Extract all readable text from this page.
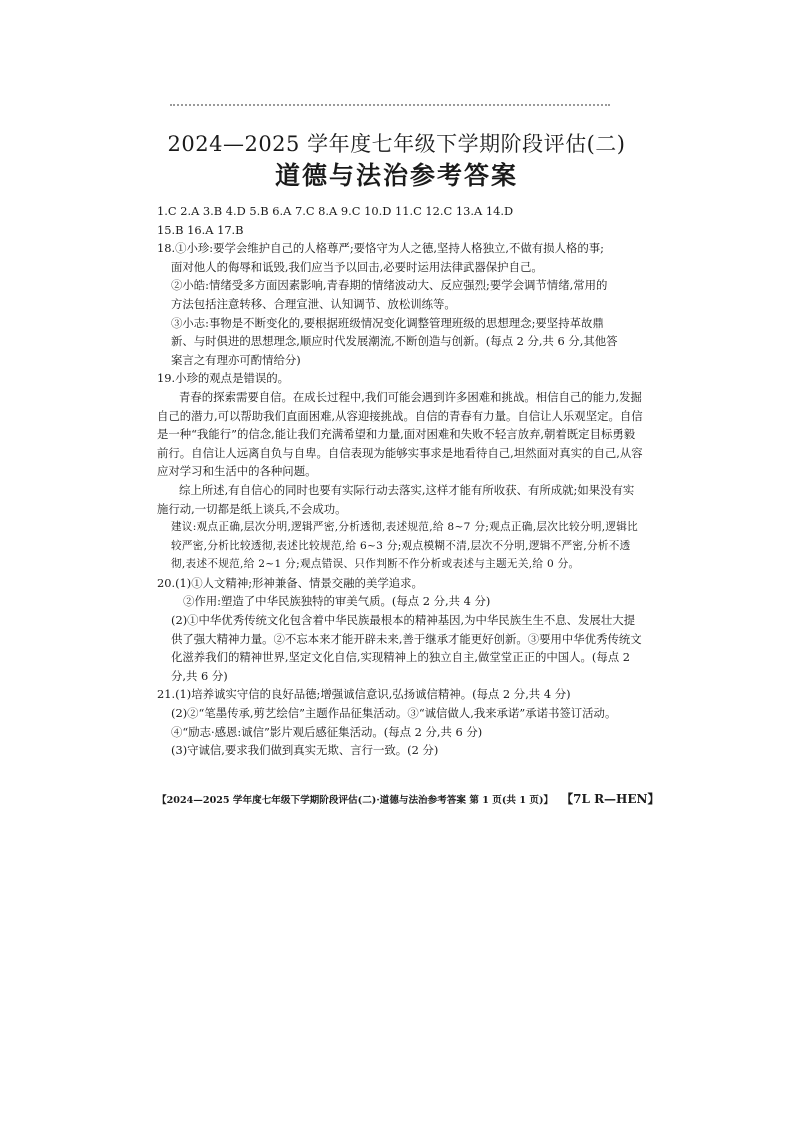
2024—2025 学年度七年级下学期阶段评估(二)
道德与法治参考答案
1.C 2.A 3.B 4.D 5.B 6.A 7.C 8.A 9.C 10.D 11.C 12.C 13.A 14.D
15.B 16.A 17.B
18.①小珍:要学会维护自己的人格尊严;要恪守为人之德,坚持人格独立,不做有损人格的事;
面对他人的侮辱和诋毁,我们应当予以回击,必要时运用法律武器保护自己。
②小皓:情绪受多方面因素影响,青春期的情绪波动大、反应强烈;要学会调节情绪,常用的
方法包括注意转移、合理宣泄、认知调节、放松训练等。
③小志:事物是不断变化的,要根据班级情况变化调整管理班级的思想理念;要坚持革故鼎
新、与时俱进的思想理念,顺应时代发展潮流,不断创造与创新。(每点 2 分,共 6 分,其他答
案言之有理亦可酌情给分)
19.小珍的观点是错误的。
青春的探索需要自信。在成长过程中,我们可能会遇到许多困难和挑战。相信自己的能力,发掘自己的潜力,可以帮助我们直面困难,从容迎接挑战。自信的青春有力量。自信让人乐观坚定。自信是一种“我能行”的信念,能让我们充满希望和力量,面对困难和失败不轻言放弃,朝着既定目标勇毅前行。自信让人远离自负与自卑。自信表现为能够实事求是地看待自己,坦然面对真实的自己,从容应对学习和生活中的各种问题。
综上所述,有自信心的同时也要有实际行动去落实,这样才能有所收获、有所成就;如果没有实施行动,一切都是纸上谈兵,不会成功。
建议:观点正确,层次分明,逻辑严密,分析透彻,表述规范,给 8~7 分;观点正确,层次比较分明,逻辑比较严密,分析比较透彻,表述比较规范,给 6~3 分;观点模糊不清,层次不分明,逻辑不严密,分析不透彻,表述不规范,给 2~1 分;观点错误、只作判断不作分析或表述与主题无关,给 0 分。
20.(1)①人文精神;形神兼备、情景交融的美学追求。
②作用:塑造了中华民族独特的审美气质。(每点 2 分,共 4 分)
(2)①中华优秀传统文化包含着中华民族最根本的精神基因,为中华民族生生不息、发展壮大提供了强大精神力量。②不忘本来才能开辟未来,善于继承才能更好创新。③要用中华优秀传统文化滋养我们的精神世界,坚定文化自信,实现精神上的独立自主,做堂堂正正的中国人。(每点 2 分,共 6 分)
21.(1)培养诚实守信的良好品德;增强诚信意识,弘扬诚信精神。(每点 2 分,共 4 分)
(2)②“笔墨传承,剪艺绘信”主题作品征集活动。③“诚信做人,我来承诺”承诺书签订活动。④“励志·感恩:诚信”影片观后感征集活动。(每点 2 分,共 6 分)
(3)守诚信,要求我们做到真实无欺、言行一致。(2 分)
【2024—2025 学年度七年级下学期阶段评估(二)·道德与法治参考答案 第 1 页(共 1 页)】 【7L R—HEN】
